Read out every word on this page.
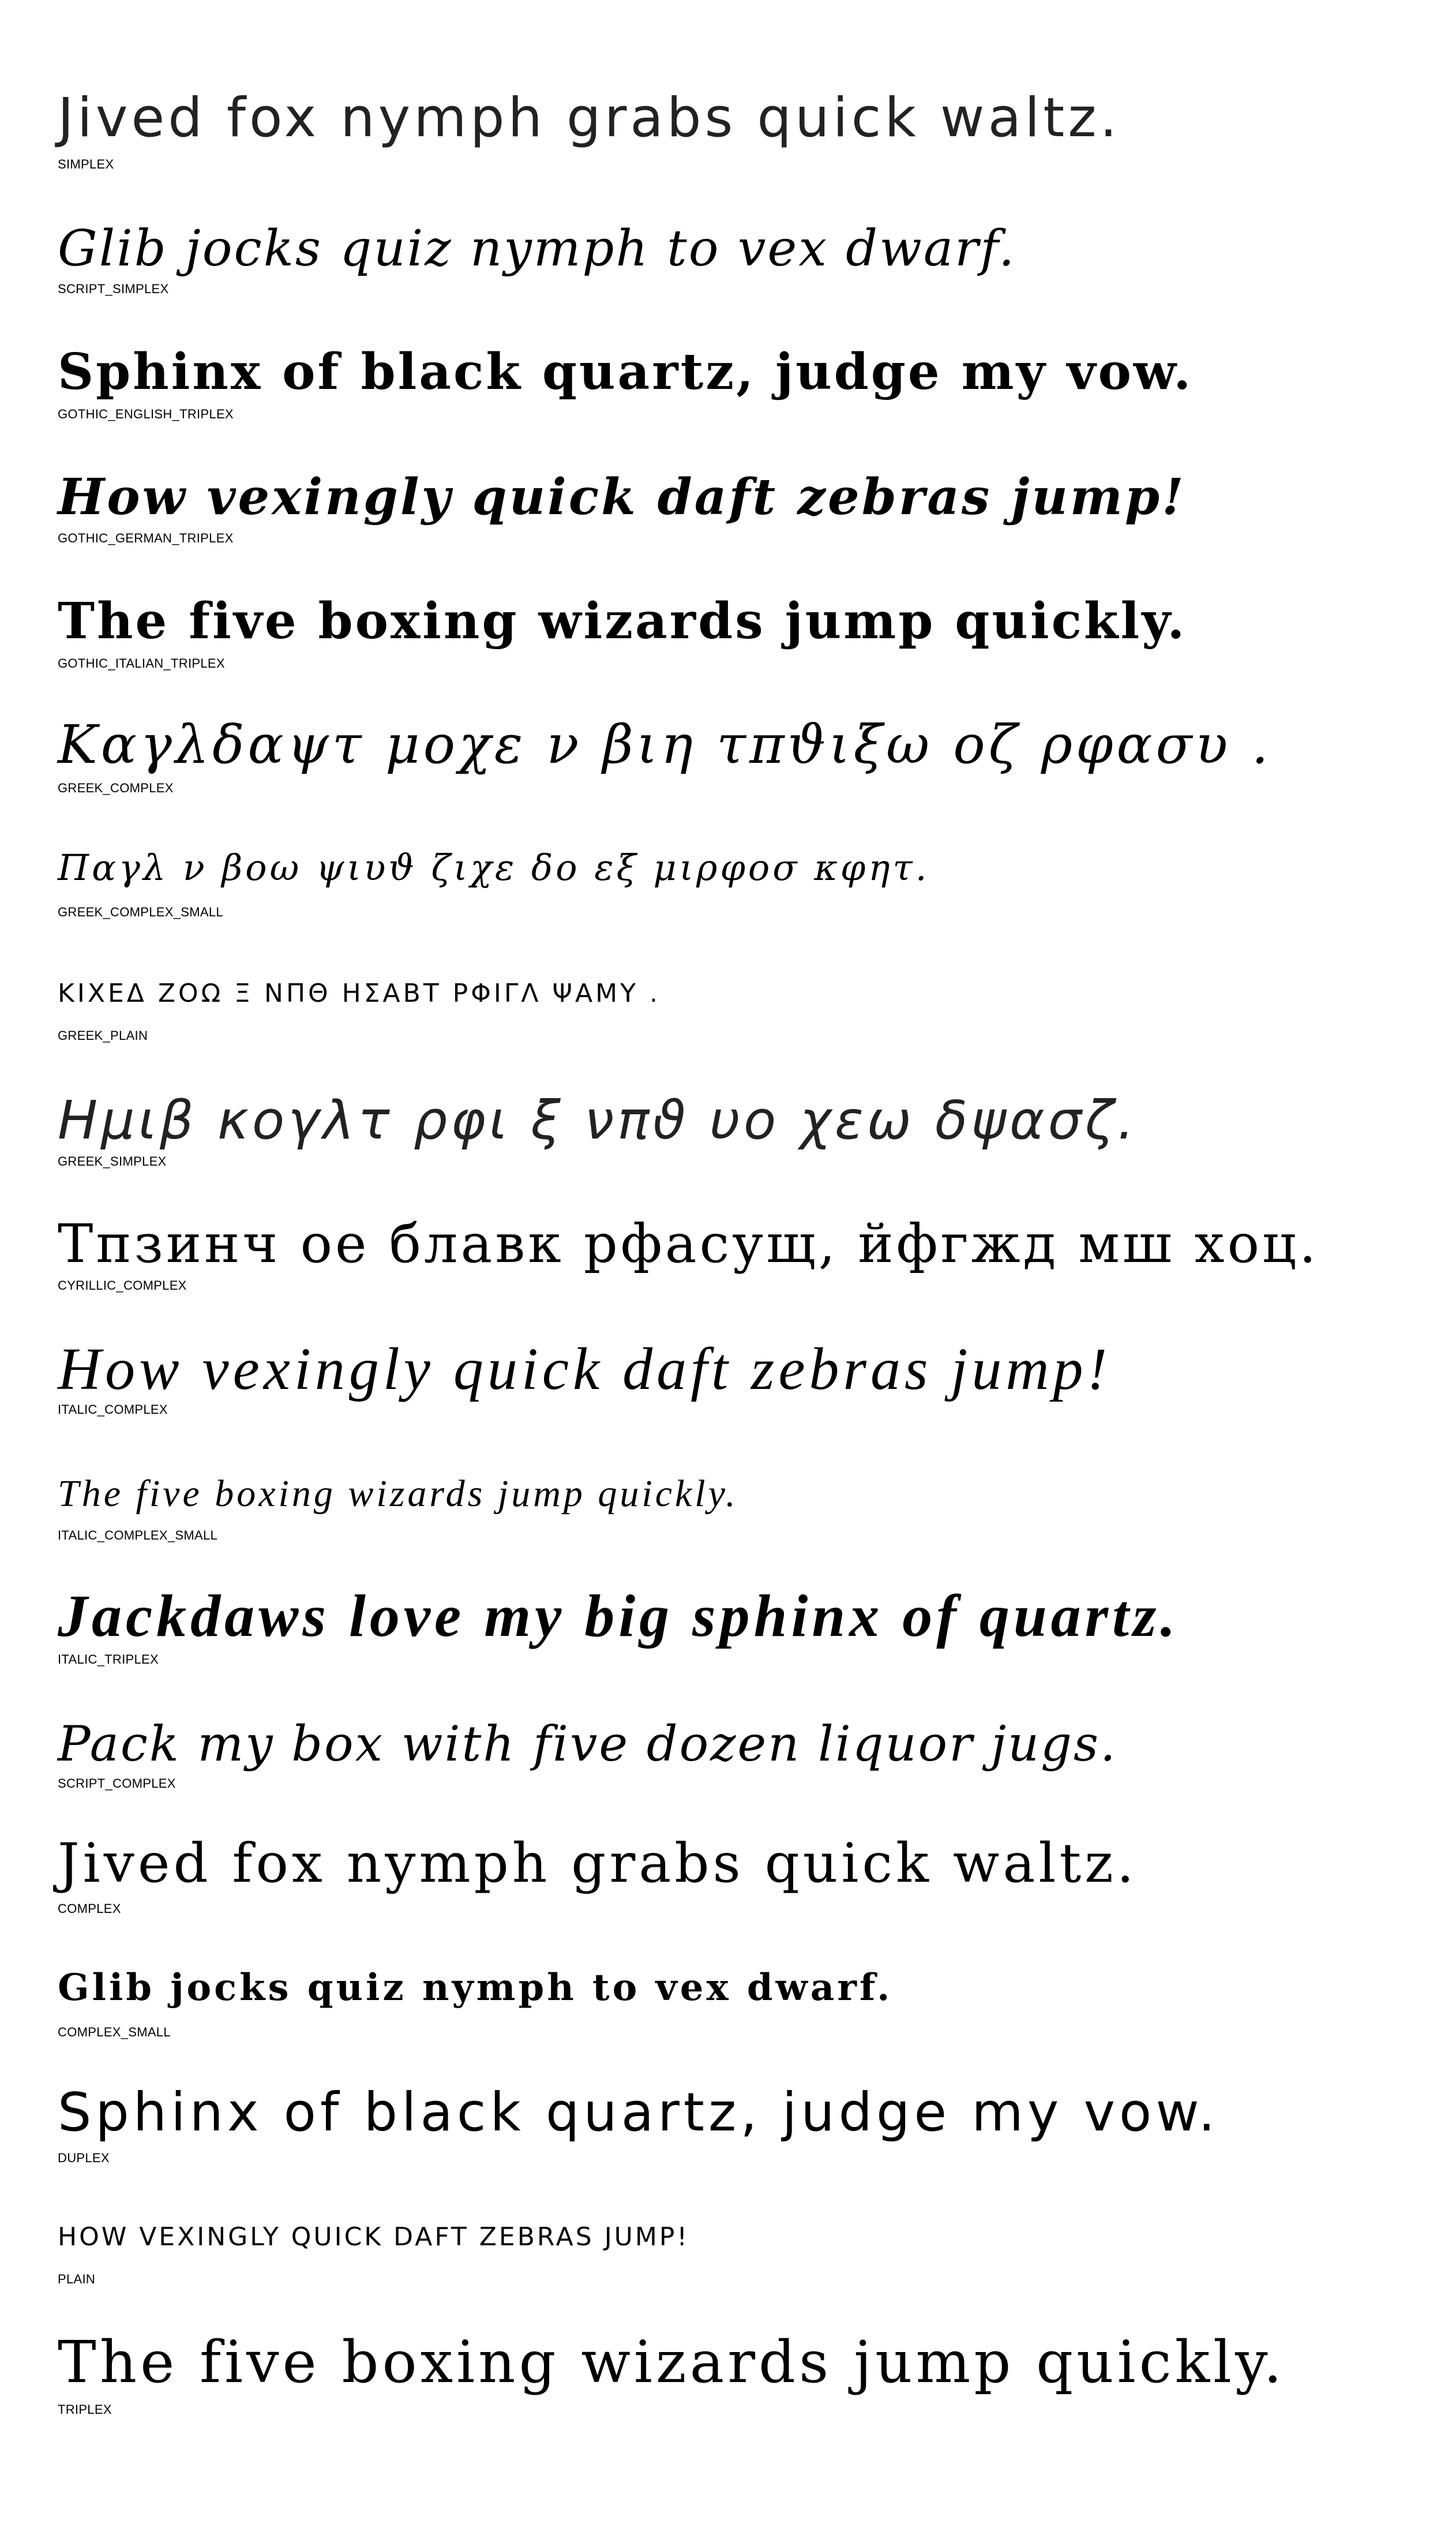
Jived fox nymph grabs quick waltz.
SIMPLEX
Glib jocks quiz nymph to vex dwarf.
SCRIPT_SIMPLEX
Sphinx of black quartz, judge my vow.
GOTHIC_ENGLISH_TRIPLEX
How vexingly quick daft zebras jump!
GOTHIC_GERMAN_TRIPLEX
The five boxing wizards jump quickly.
GOTHIC_ITALIAN_TRIPLEX
Καγλδαψτ μοχε ν βιη τπϑιξω οζ ρφασυ .
GREEK_COMPLEX
Παγλ ν βοω ψιυϑ ζιχε δο εξ μιρφοσ κφητ.
GREEK_COMPLEX_SMALL
ΚΙΧΕΔ ΖΟΩ Ξ ΝΠΘ ΗΣΑΒΤ ΡΦΙΓΛ ΨΑΜΥ .
GREEK_PLAIN
Ημιβ κογλτ ρφι ξ νπϑ υο χεω δψασζ.
GREEK_SIMPLEX
Тпзинч ое блавк рфасущ, йфгжд мш хоц.
CYRILLIC_COMPLEX
How vexingly quick daft zebras jump!
ITALIC_COMPLEX
The five boxing wizards jump quickly.
ITALIC_COMPLEX_SMALL
Jackdaws love my big sphinx of quartz.
ITALIC_TRIPLEX
Pack my box with five dozen liquor jugs.
SCRIPT_COMPLEX
Jived fox nymph grabs quick waltz.
COMPLEX
Glib jocks quiz nymph to vex dwarf.
COMPLEX_SMALL
Sphinx of black quartz, judge my vow.
DUPLEX
HOW VEXINGLY QUICK DAFT ZEBRAS JUMP!
PLAIN
The five boxing wizards jump quickly.
TRIPLEX
